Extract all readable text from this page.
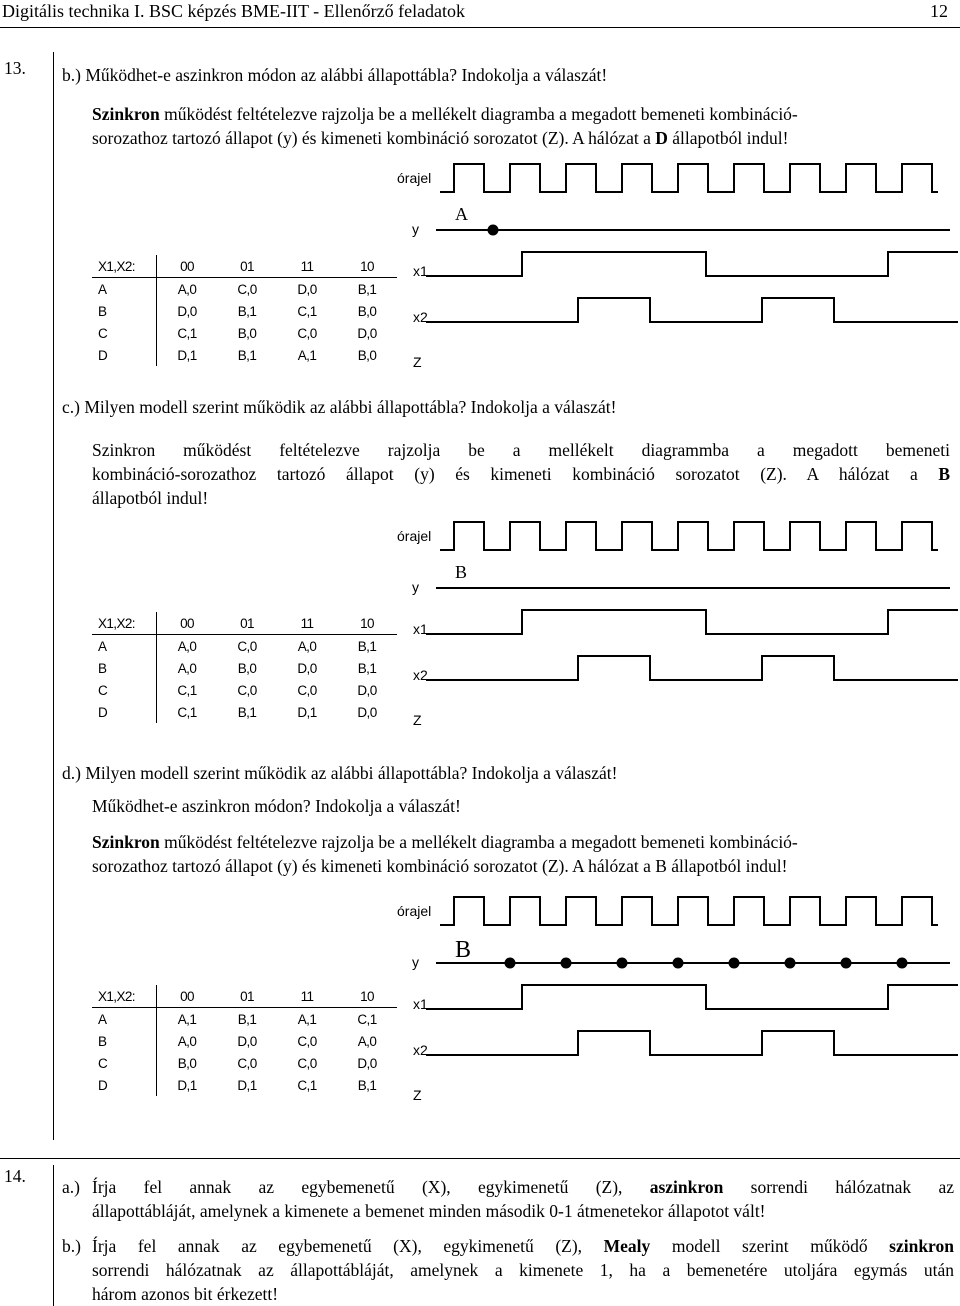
Digitális technika I. BSC képzés BME-IIT - Ellenőrző feladatok	12
13. b.) Működhet-e aszinkron módon az alábbi állapottábla? Indokolja a válaszát!
Szinkron működést feltételezve rajzolja be a mellékelt diagramba a megadott bemeneti kombináció-
sorozathoz tartozó állapot (y) és kimeneti kombináció sorozatot (Z). A hálózat a D állapotból indul!
X1,X2:	00	01	11	10
A	A,0	C,0	D,0	B,1
B	D,0	B,1	C,1	B,0
C	C,1	B,0	C,0	D,0
D	D,1	B,1	A,1	B,0
órajel
y
A
x1
x2
Z
órajel
y
B
x1
x2
Z
órajel
y B
x1
x2
Z
c.) Milyen modell szerint működik az alábbi állapottábla? Indokolja a válaszát!
Szinkron működést feltételezve rajzolja be a mellékelt diagrammba a megadott bemeneti
kombináció-sorozathoz tartozó állapot (y) és kimeneti kombináció sorozatot (Z). A hálózat a B
állapotból indul!
X1,X2:	00	01	11	10
A	A,0	C,0	A,0	B,1
B	A,0	B,0	D,0	B,1
C	C,1	C,0	C,0	D,0
D	C,1	B,1	D,1	D,0
d.) Milyen modell szerint működik az alábbi állapottábla? Indokolja a válaszát!
Működhet-e aszinkron módon? Indokolja a válaszát!
Szinkron működést feltételezve rajzolja be a mellékelt diagramba a megadott bemeneti kombináció-
sorozathoz tartozó állapot (y) és kimeneti kombináció sorozatot (Z). A hálózat a B állapotból indul!
X1,X2:	00	01	11	10
A	A,1	B,1	A,1	C,1
B	A,0	D,0	C,0	A,0
C	B,0	C,0	C,0	D,0
D	D,1	D,1	C,1	B,1
14.
a.) Írja fel annak az egybemenetű (X), egykimenetű (Z), aszinkron sorrendi hálózatnak az
állapottábláját, amelynek a kimenete a bemenet minden második 0-1 átmenetekor állapotot vált!
b.) Írja fel annak az egybemenetű (X), egykimenetű (Z), Mealy modell szerint működő szinkron
sorrendi hálózatnak az állapottábláját, amelynek a kimenete 1, ha a bemenetére utoljára egymás után
három azonos bit érkezett!
